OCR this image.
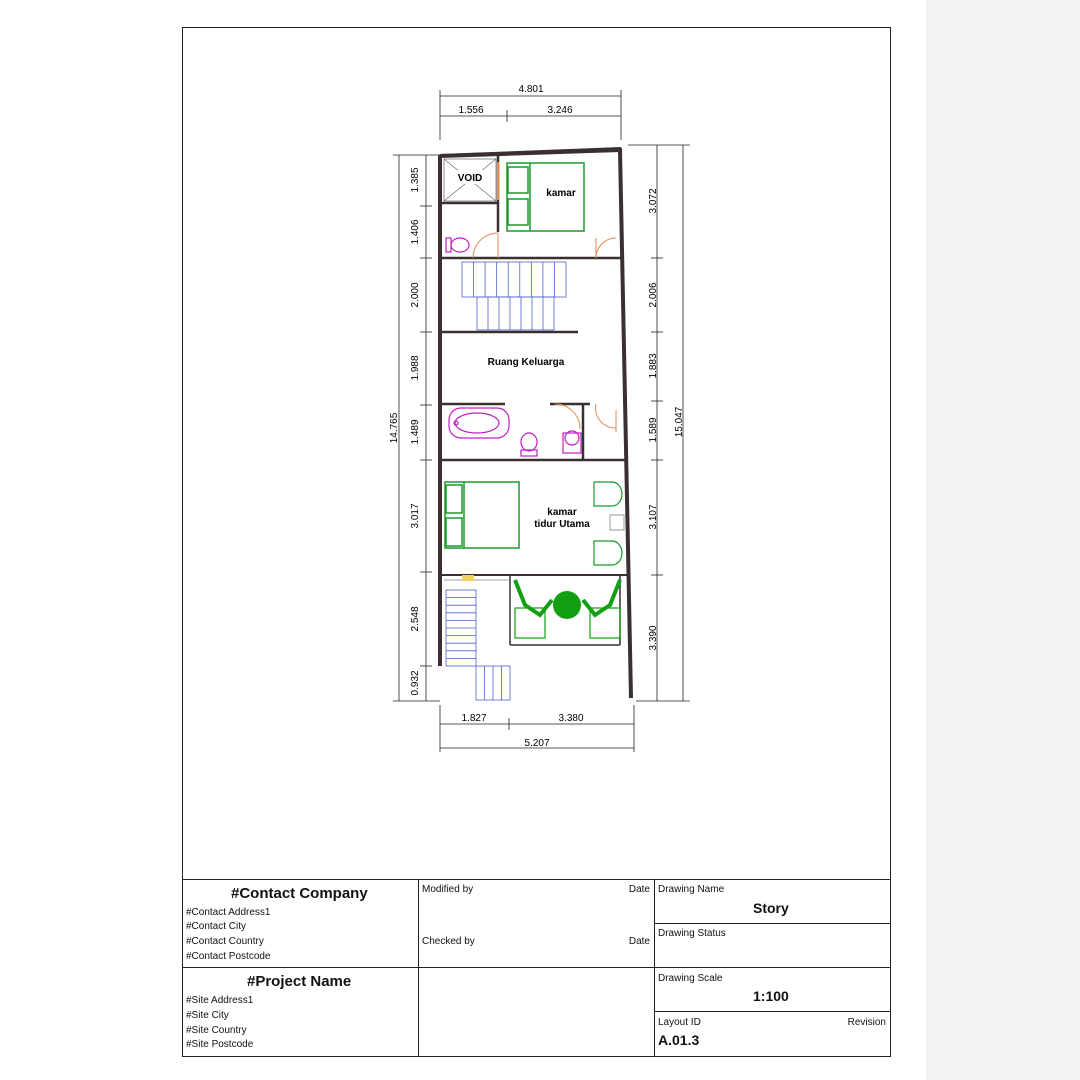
4.801
1.556	3.246
1.827	3.380
5.207
1.385
1.406
2.000
1.988
1.489
3.017
2.548
0.932
14.765
3.072
2.006
1.883
1.589
3.107
3.390
15.047
VOID
kamar
Ruang Keluarga
kamar
tidur Utama
#Contact Company
#Contact Address1
#Contact City
#Contact Country
#Contact Postcode
Modified by	Date
Checked by	Date
Drawing Name
Story
Drawing Status
#Project Name
#Site Address1
#Site City
#Site Country
#Site Postcode
Drawing Scale
1:100
Layout ID	Revision
A.01.3
